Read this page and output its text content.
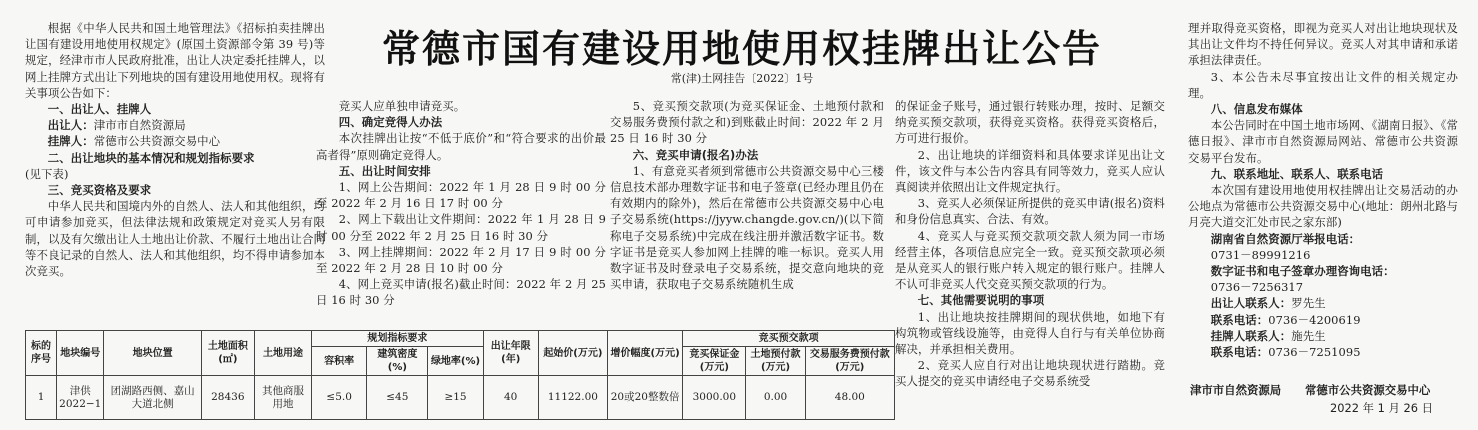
根据《中华人民共和国土地管理法》《招标拍卖挂牌出让国有建设用地使用权规定》(原国土资源部令第 39 号)等规定，经津市市人民政府批准，出让人决定委托挂牌人，以网上挂牌方式出让下列地块的国有建设用地使用权。现将有关事项公告如下：

一、出让人、挂牌人

出让人：津市市自然资源局

挂牌人：常德市公共资源交易中心

二、出让地块的基本情况和规划指标要求
(见下表)
三、竞买资格及要求

中华人民共和国境内外的自然人、法人和其他组织，均可申请参加竞买，但法律法规和政策规定对竞买人另有限制，以及有欠缴出让人土地出让价款、不履行土地出让合同等不良记录的自然人、法人和其他组织，均不得申请参加本次竞买。

常德市国有建设用地使用权挂牌出让公告
常(津)土网挂告〔2022〕1号

竞买人应单独申请竞买。

四、确定竞得人办法

本次挂牌出让按“不低于底价”和“符合要求的出价最高者得”原则确定竞得人。

五、出让时间安排

1、网上公告期间：2022 年 1 月 28 日 9 时 00 分至 2022 年 2 月 16 日 17 时 00 分

2、网上下载出让文件期间：2022 年 1 月 28 日 9 时 00 分至 2022 年 2 月 25 日 16 时 30 分

3、网上挂牌期间：2022 年 2 月 17 日 9 时 00 分至 2022 年 2 月 28 日 10 时 00 分

4、网上竞买申请(报名)截止时间：2022 年 2 月 25 日 16 时 30 分

5、竞买预交款项(为竞买保证金、土地预付款和交易服务费预付款之和)到账截止时间：2022 年 2 月 25 日 16 时 30 分

六、竞买申请(报名)办法

1、有意竞买者须到常德市公共资源交易中心三楼信息技术部办理数字证书和电子签章(已经办理且仍在有效期内的除外)，然后在常德市公共资源交易中心电子交易系统(https://jyyw.changde.gov.cn/)(以下简称电子交易系统)中完成在线注册并激活数字证书。数字证书是竞买人参加网上挂牌的唯一标识。竞买人用数字证书及时登录电子交易系统，提交意向地块的竞买申请，获取电子交易系统随机生成

的保证金子账号，通过银行转账办理，按时、足额交纳竞买预交款项，获得竞买资格。获得竞买资格后，方可进行报价。

2、出让地块的详细资料和具体要求详见出让文件，该文件与本公告内容具有同等效力，竞买人应认真阅读并依照出让文件规定执行。

3、竞买人必须保证所提供的竞买申请(报名)资料和身份信息真实、合法、有效。

4、竞买人与竞买预交款项交款人须为同一市场经营主体，各项信息应完全一致。竞买预交款项必须是从竞买人的银行账户转入规定的银行账户。挂牌人不认可非竞买人代交竞买预交款项的行为。

七、其他需要说明的事项

1、出让地块按挂牌期间的现状供地，如地下有构筑物或管线设施等，由竞得人自行与有关单位协商解决，并承担相关费用。

2、竞买人应自行对出让地块现状进行踏勘。竞买人提交的竞买申请经电子交易系统受

理并取得竞买资格，即视为竞买人对出让地块现状及其出让文件均不持任何异议。竞买人对其申请和承诺承担法律责任。

3、本公告未尽事宜按出让文件的相关规定办理。

八、信息发布媒体

本公告同时在中国土地市场网、《湖南日报》、《常德日报》、津市市自然资源局网站、常德市公共资源交易平台发布。

九、联系地址、联系人、联系电话

本次国有建设用地使用权挂牌出让交易活动的办公地点为常德市公共资源交易中心(地址：朗州北路与月亮大道交汇处市民之家东部)

湖南省自然资源厅举报电话：
0731－89991216
数字证书和电子签章办理咨询电话：
0736－7256317
出让人联系人：罗先生
联系电话：0736－4200619
挂牌人联系人：施先生
联系电话：0736－7251095
津市市自然资源局 常德市公共资源交易中心
2022 年 1 月 26 日
标的序号	地块编号	地块位置	土地面积(㎡)	土地用途	规划指标要求			出让年限(年)	起始价(万元)	增价幅度(万元)	竞买预交款项		
					容积率	建筑密度(%)	绿地率(%)				竞买保证金(万元)	土地预付款(万元)	交易服务费预付款(万元)
1	津供2022−1	团湖路西侧、嘉山大道北侧	28436	其他商服用地	≤5.0	≤45	≥15	40	11122.00	20或20整数倍	3000.00	0.00	48.00
